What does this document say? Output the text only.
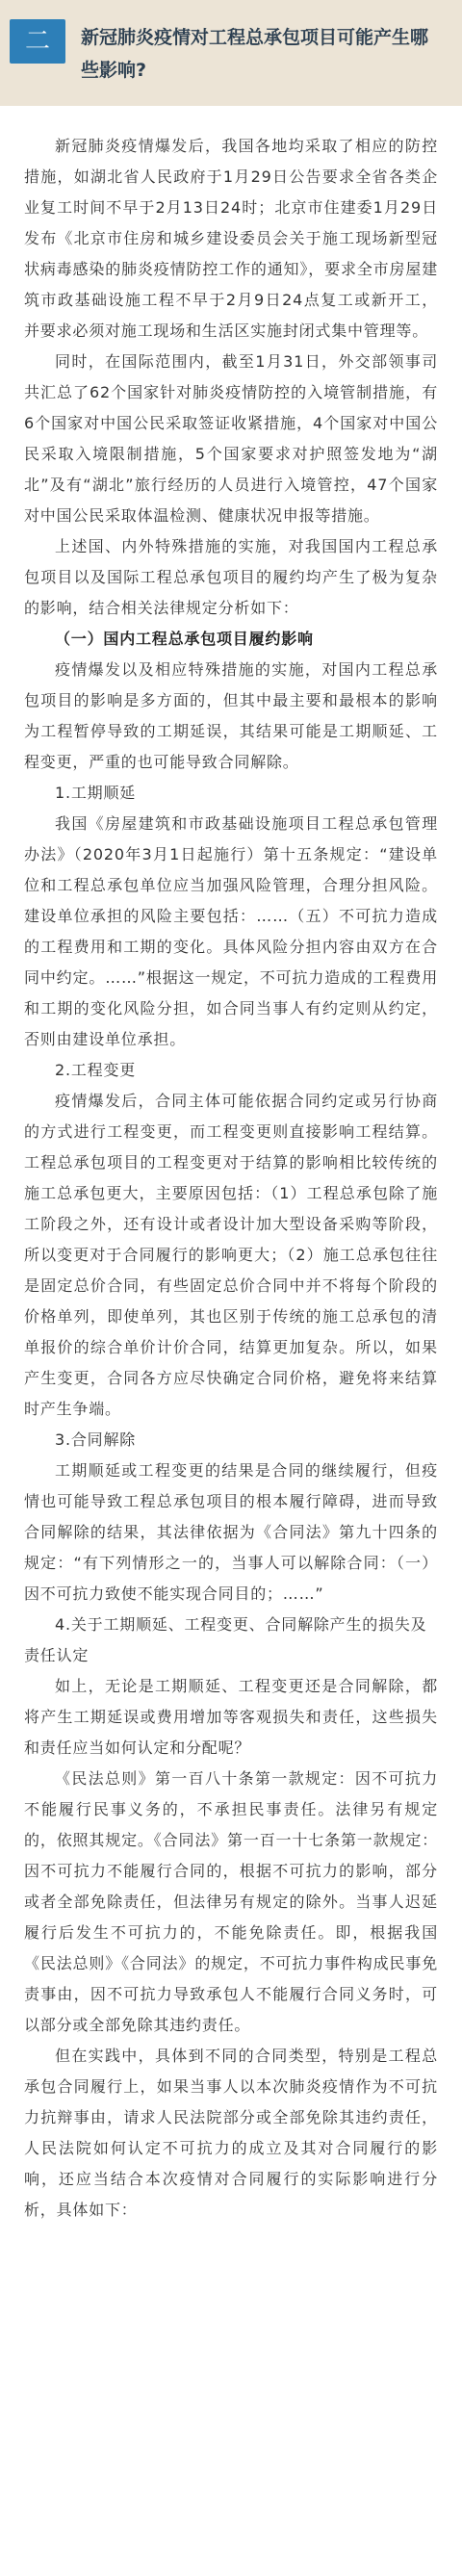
二	新冠肺炎疫情对工程总承包项目可能产生哪些影响?

新冠肺炎疫情爆发后，我国各地均采取了相应的防控措施，如湖北省人民政府于1月29日公告要求全省各类企业复工时间不早于2月13日24时；北京市住建委1月29日发布《北京市住房和城乡建设委员会关于施工现场新型冠状病毒感染的肺炎疫情防控工作的通知》，要求全市房屋建筑市政基础设施工程不早于2月9日24点复工或新开工，并要求必须对施工现场和生活区实施封闭式集中管理等。

同时，在国际范围内，截至1月31日，外交部领事司共汇总了62个国家针对肺炎疫情防控的入境管制措施，有6个国家对中国公民采取签证收紧措施，4个国家对中国公民采取入境限制措施，5个国家要求对护照签发地为“湖北”及有“湖北”旅行经历的人员进行入境管控，47个国家对中国公民采取体温检测、健康状况申报等措施。

上述国、内外特殊措施的实施，对我国国内工程总承包项目以及国际工程总承包项目的履约均产生了极为复杂的影响，结合相关法律规定分析如下：

（一）国内工程总承包项目履约影响

疫情爆发以及相应特殊措施的实施，对国内工程总承包项目的影响是多方面的，但其中最主要和最根本的影响为工程暂停导致的工期延误，其结果可能是工期顺延、工程变更，严重的也可能导致合同解除。

1.工期顺延

我国《房屋建筑和市政基础设施项目工程总承包管理办法》（2020年3月1日起施行）第十五条规定：“建设单位和工程总承包单位应当加强风险管理，合理分担风险。建设单位承担的风险主要包括：……（五）不可抗力造成的工程费用和工期的变化。具体风险分担内容由双方在合同中约定。……”根据这一规定，不可抗力造成的工程费用和工期的变化风险分担，如合同当事人有约定则从约定，否则由建设单位承担。

2.工程变更

疫情爆发后，合同主体可能依据合同约定或另行协商的方式进行工程变更，而工程变更则直接影响工程结算。工程总承包项目的工程变更对于结算的影响相比较传统的施工总承包更大，主要原因包括：（1）工程总承包除了施工阶段之外，还有设计或者设计加大型设备采购等阶段，所以变更对于合同履行的影响更大；（2）施工总承包往往是固定总价合同，有些固定总价合同中并不将每个阶段的价格单列，即使单列，其也区别于传统的施工总承包的清单报价的综合单价计价合同，结算更加复杂。所以，如果产生变更，合同各方应尽快确定合同价格，避免将来结算时产生争端。

3.合同解除

工期顺延或工程变更的结果是合同的继续履行，但疫情也可能导致工程总承包项目的根本履行障碍，进而导致合同解除的结果，其法律依据为《合同法》第九十四条的规定：“有下列情形之一的，当事人可以解除合同：（一）因不可抗力致使不能实现合同目的；……”

4.关于工期顺延、工程变更、合同解除产生的损失及责任认定

如上，无论是工期顺延、工程变更还是合同解除，都将产生工期延误或费用增加等客观损失和责任，这些损失和责任应当如何认定和分配呢？

《民法总则》第一百八十条第一款规定：因不可抗力不能履行民事义务的，不承担民事责任。法律另有规定的，依照其规定。《合同法》第一百一十七条第一款规定：因不可抗力不能履行合同的，根据不可抗力的影响，部分或者全部免除责任，但法律另有规定的除外。当事人迟延履行后发生不可抗力的，不能免除责任。即，根据我国《民法总则》《合同法》的规定，不可抗力事件构成民事免责事由，因不可抗力导致承包人不能履行合同义务时，可以部分或全部免除其违约责任。

但在实践中，具体到不同的合同类型，特别是工程总承包合同履行上，如果当事人以本次肺炎疫情作为不可抗力抗辩事由，请求人民法院部分或全部免除其违约责任，人民法院如何认定不可抗力的成立及其对合同履行的影响，还应当结合本次疫情对合同履行的实际影响进行分析，具体如下：
